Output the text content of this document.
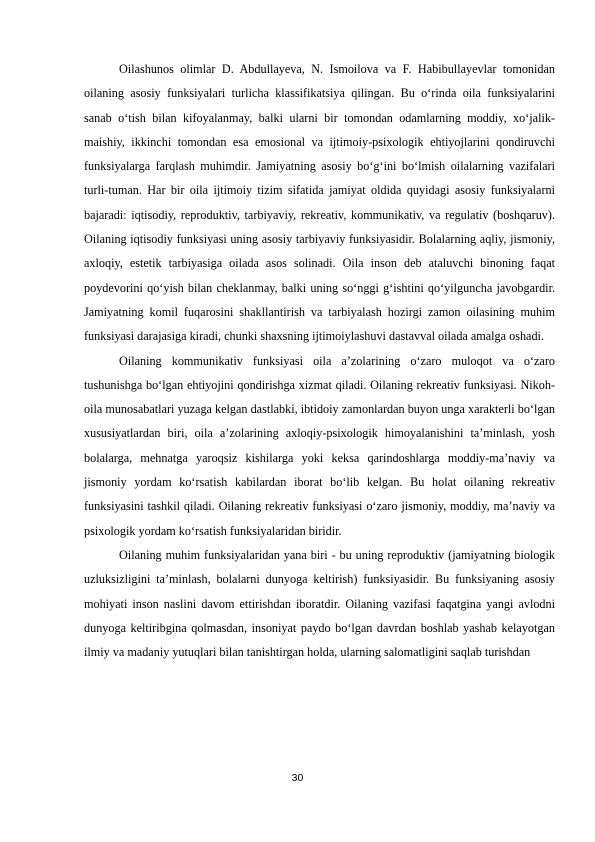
Oilashunos olimlar D. Abdullayeva, N. Ismoilova va F. Habibullayevlar tomonidan oilaning asosiy funksiyalari turlicha klassifikatsiya qilingan. Bu o‘rinda oila funksiyalarini sanab o‘tish bilan kifoyalanmay, balki ularni bir tomondan odamlarning moddiy, xo‘jalik-maishiy, ikkinchi tomondan esa emosional va ijtimoiy-psixologik ehtiyojlarini qondiruvchi funksiyalarga farqlash muhimdir. Jamiyatning asosiy bo‘g‘ini bo‘lmish oilalarning vazifalari turli-tuman. Har bir oila ijtimoiy tizim sifatida jamiyat oldida quyidagi asosiy funksiyalarni bajaradi: iqtisodiy, reproduktiv, tarbiyaviy, rekreativ, kommunikativ, va regulativ (boshqaruv). Oilaning iqtisodiy funksiyasi uning asosiy tarbiyaviy funksiyasidir. Bolalarning aqliy, jismoniy, axloqiy, estetik tarbiyasiga oilada asos solinadi. Oila inson deb ataluvchi binoning faqat poydevorini qo‘yish bilan cheklanmay, balki uning so‘nggi g‘ishtini qo‘yilguncha javobgardir. Jamiyatning komil fuqarosini shakllantirish va tarbiyalash hozirgi zamon oilasining muhim funksiyasi darajasiga kiradi, chunki shaxsning ijtimoiylashuvi dastavval oilada amalga oshadi.

Oilaning kommunikativ funksiyasi oila a’zolarining o‘zaro muloqot va o‘zaro tushunishga bo‘lgan ehtiyojini qondirishga xizmat qiladi. Oilaning rekreativ funksiyasi. Nikoh-oila munosabatlari yuzaga kelgan dastlabki, ibtidoiy zamonlardan buyon unga xarakterli bo‘lgan xususiyatlardan biri, oila a’zolarining axloqiy-psixologik himoyalanishini ta’minlash, yosh bolalarga, mehnatga yaroqsiz kishilarga yoki keksa qarindoshlarga moddiy-ma’naviy va jismoniy yordam ko‘rsatish kabilardan iborat bo‘lib kelgan. Bu holat oilaning rekreativ funksiyasini tashkil qiladi. Oilaning rekreativ funksiyasi o‘zaro jismoniy, moddiy, ma’naviy va psixologik yordam ko‘rsatish funksiyalaridan biridir.

Oilaning muhim funksiyalaridan yana biri - bu uning reproduktiv (jamiyatning biologik uzluksizligini ta’minlash, bolalarni dunyoga keltirish) funksiyasidir. Bu funksiyaning asosiy mohiyati inson naslini davom ettirishdan iboratdir. Oilaning vazifasi faqatgina yangi avlodni dunyoga keltiribgina qolmasdan, insoniyat paydo bo‘lgan davrdan boshlab yashab kelayotgan ilmiy va madaniy yutuqlari bilan tanishtirgan holda, ularning salomatligini saqlab turishdan

30
